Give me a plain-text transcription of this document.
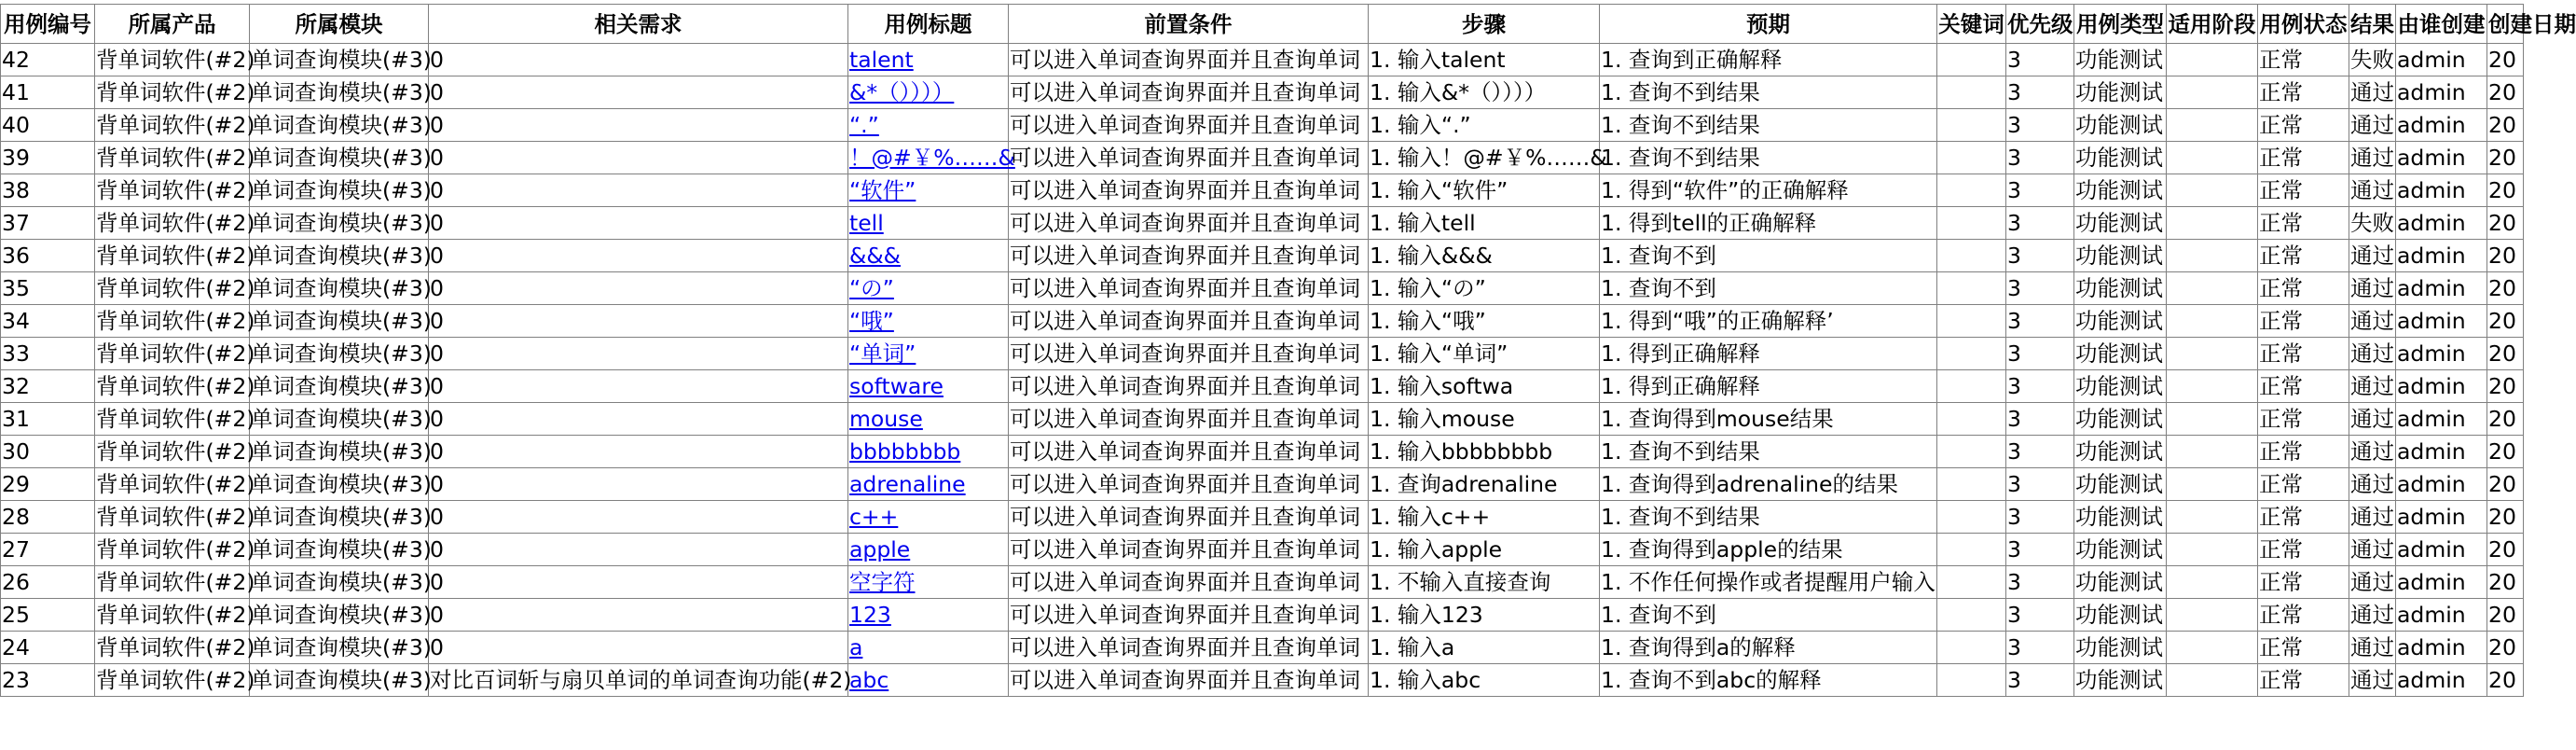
用例编号	所属产品	所属模块	相关需求	用例标题	前置条件	步骤	预期	关键词	优先级	用例类型	适用阶段	用例状态	结果	由谁创建	创建日期
42	背单词软件(#2)	单词查询模块(#3)	0	talent	可以进入单词查询界面并且查询单词	1. 输入talent	1. 查询到正确解释		3	功能测试		正常	失败	admin	20
41	背单词软件(#2)	单词查询模块(#3)	0	&*（））））	可以进入单词查询界面并且查询单词	1. 输入&*（））））	1. 查询不到结果		3	功能测试		正常	通过	admin	20
40	背单词软件(#2)	单词查询模块(#3)	0	“.”	可以进入单词查询界面并且查询单词	1. 输入“.”	1. 查询不到结果		3	功能测试		正常	通过	admin	20
39	背单词软件(#2)	单词查询模块(#3)	0	！@#￥%……&	可以进入单词查询界面并且查询单词	1. 输入！@#￥%……&	1. 查询不到结果		3	功能测试		正常	通过	admin	20
38	背单词软件(#2)	单词查询模块(#3)	0	“软件”	可以进入单词查询界面并且查询单词	1. 输入“软件”	1. 得到“软件”的正确解释		3	功能测试		正常	通过	admin	20
37	背单词软件(#2)	单词查询模块(#3)	0	tell	可以进入单词查询界面并且查询单词	1. 输入tell	1. 得到tell的正确解释		3	功能测试		正常	失败	admin	20
36	背单词软件(#2)	单词查询模块(#3)	0	&&&	可以进入单词查询界面并且查询单词	1. 输入&&&	1. 查询不到		3	功能测试		正常	通过	admin	20
35	背单词软件(#2)	单词查询模块(#3)	0	“の”	可以进入单词查询界面并且查询单词	1. 输入“の”	1. 查询不到		3	功能测试		正常	通过	admin	20
34	背单词软件(#2)	单词查询模块(#3)	0	“哦”	可以进入单词查询界面并且查询单词	1. 输入“哦”	1. 得到“哦”的正确解释’		3	功能测试		正常	通过	admin	20
33	背单词软件(#2)	单词查询模块(#3)	0	“单词”	可以进入单词查询界面并且查询单词	1. 输入“单词”	1. 得到正确解释		3	功能测试		正常	通过	admin	20
32	背单词软件(#2)	单词查询模块(#3)	0	software	可以进入单词查询界面并且查询单词	1. 输入softwa	1. 得到正确解释		3	功能测试		正常	通过	admin	20
31	背单词软件(#2)	单词查询模块(#3)	0	mouse	可以进入单词查询界面并且查询单词	1. 输入mouse	1. 查询得到mouse结果		3	功能测试		正常	通过	admin	20
30	背单词软件(#2)	单词查询模块(#3)	0	bbbbbbbb	可以进入单词查询界面并且查询单词	1. 输入bbbbbbbb	1. 查询不到结果		3	功能测试		正常	通过	admin	20
29	背单词软件(#2)	单词查询模块(#3)	0	adrenaline	可以进入单词查询界面并且查询单词	1. 查询adrenaline	1. 查询得到adrenaline的结果		3	功能测试		正常	通过	admin	20
28	背单词软件(#2)	单词查询模块(#3)	0	c++	可以进入单词查询界面并且查询单词	1. 输入c++	1. 查询不到结果		3	功能测试		正常	通过	admin	20
27	背单词软件(#2)	单词查询模块(#3)	0	apple	可以进入单词查询界面并且查询单词	1. 输入apple	1. 查询得到apple的结果		3	功能测试		正常	通过	admin	20
26	背单词软件(#2)	单词查询模块(#3)	0	空字符	可以进入单词查询界面并且查询单词	1. 不输入直接查询	1. 不作任何操作或者提醒用户输入		3	功能测试		正常	通过	admin	20
25	背单词软件(#2)	单词查询模块(#3)	0	123	可以进入单词查询界面并且查询单词	1. 输入123	1. 查询不到		3	功能测试		正常	通过	admin	20
24	背单词软件(#2)	单词查询模块(#3)	0	a	可以进入单词查询界面并且查询单词	1. 输入a	1. 查询得到a的解释		3	功能测试		正常	通过	admin	20
23	背单词软件(#2)	单词查询模块(#3)	对比百词斩与扇贝单词的单词查询功能(#2)	abc	可以进入单词查询界面并且查询单词	1. 输入abc	1. 查询不到abc的解释		3	功能测试		正常	通过	admin	20
